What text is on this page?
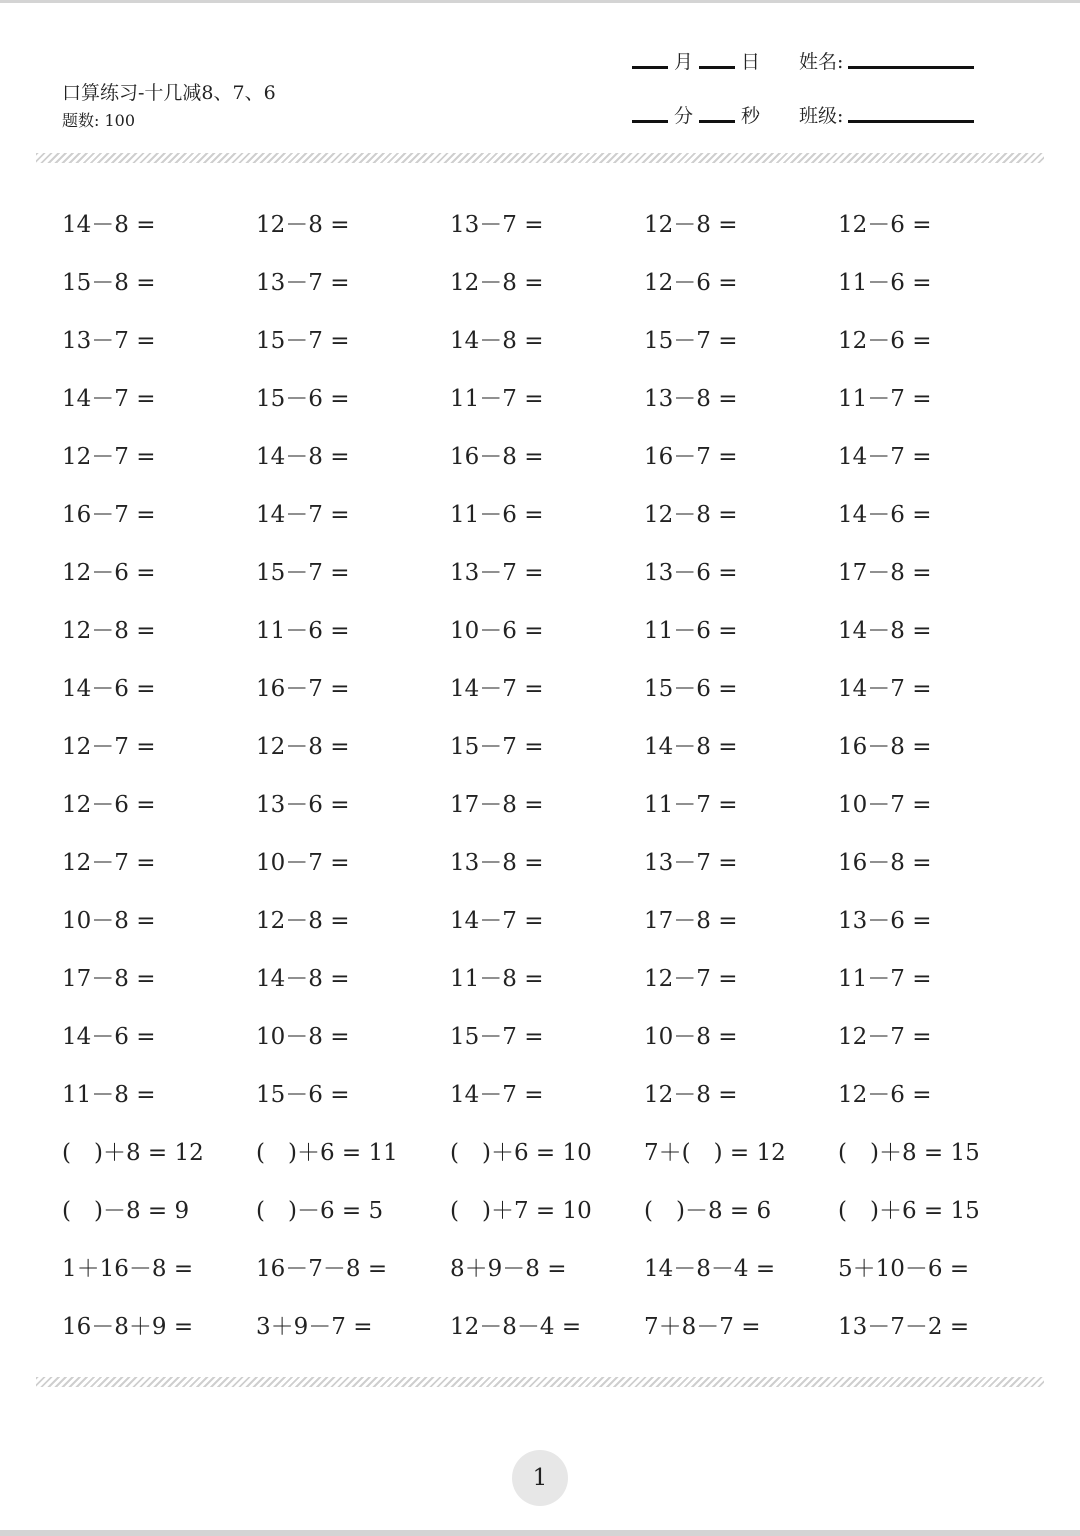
口算练习-十几减8、7、6
题数: 100
月	日	姓名:
分	秒	班级:
14－8 =	12－8 =	13－7 =	12－8 =	12－6 =
15－8 =	13－7 =	12－8 =	12－6 =	11－6 =
13－7 =	15－7 =	14－8 =	15－7 =	12－6 =
14－7 =	15－6 =	11－7 =	13－8 =	11－7 =
12－7 =	14－8 =	16－8 =	16－7 =	14－7 =
16－7 =	14－7 =	11－6 =	12－8 =	14－6 =
12－6 =	15－7 =	13－7 =	13－6 =	17－8 =
12－8 =	11－6 =	10－6 =	11－6 =	14－8 =
14－6 =	16－7 =	14－7 =	15－6 =	14－7 =
12－7 =	12－8 =	15－7 =	14－8 =	16－8 =
12－6 =	13－6 =	17－8 =	11－7 =	10－7 =
12－7 =	10－7 =	13－8 =	13－7 =	16－8 =
10－8 =	12－8 =	14－7 =	17－8 =	13－6 =
17－8 =	14－8 =	11－8 =	12－7 =	11－7 =
14－6 =	10－8 =	15－7 =	10－8 =	12－7 =
11－8 =	15－6 =	14－7 =	12－8 =	12－6 =
(　)＋8 = 12	(　)＋6 = 11	(　)＋6 = 10	7＋(　) = 12	(　)＋8 = 15
(　)－8 = 9	(　)－6 = 5	(　)＋7 = 10	(　)－8 = 6	(　)＋6 = 15
1＋16－8 =	16－7－8 =	8＋9－8 =	14－8－4 =	5＋10－6 =
16－8＋9 =	3＋9－7 =	12－8－4 =	7＋8－7 =	13－7－2 =
1
